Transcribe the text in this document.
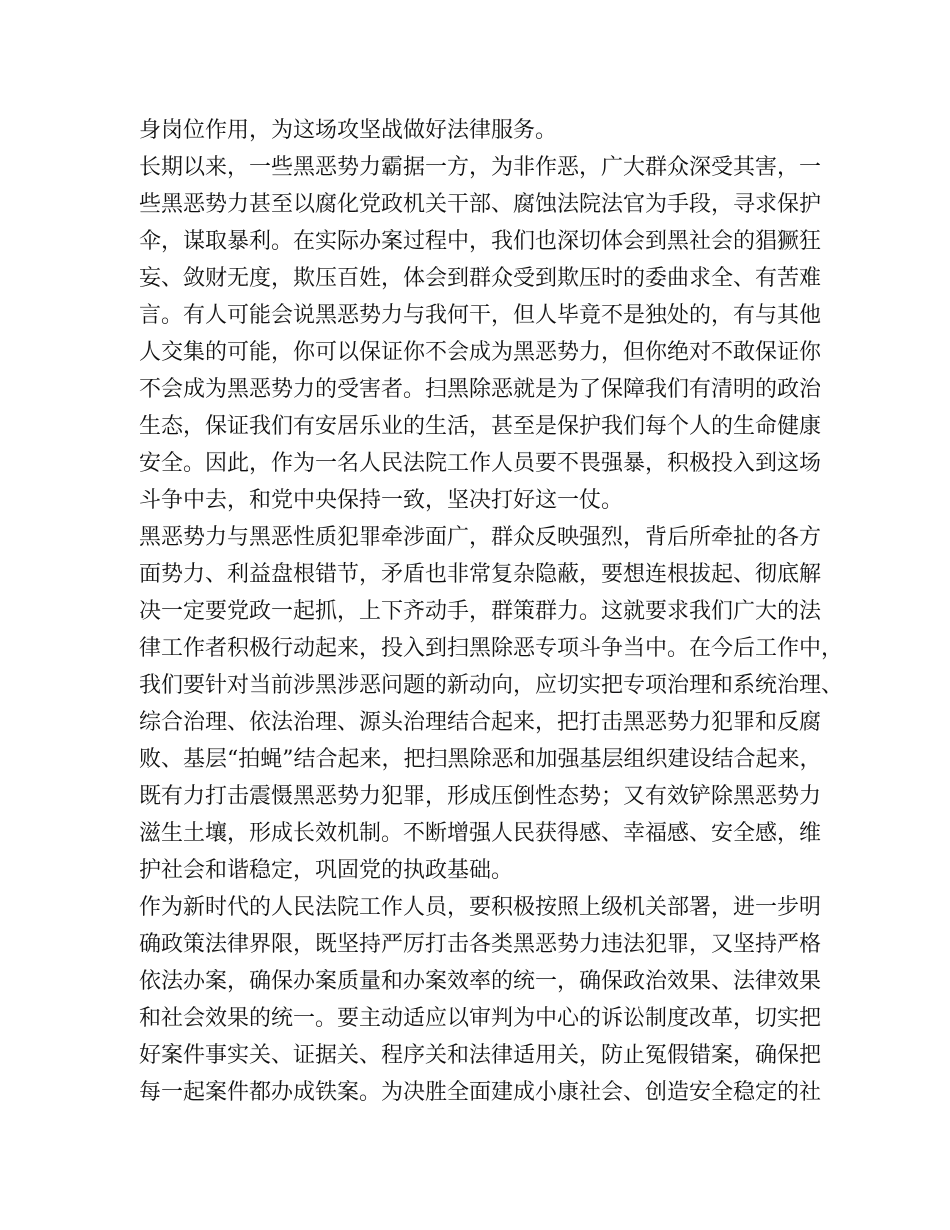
身岗位作用，为这场攻坚战做好法律服务。
长期以来，一些黑恶势力霸据一方，为非作恶，广大群众深受其害，一
些黑恶势力甚至以腐化党政机关干部、腐蚀法院法官为手段，寻求保护
伞，谋取暴利。在实际办案过程中，我们也深切体会到黑社会的猖獗狂
妄、敛财无度，欺压百姓，体会到群众受到欺压时的委曲求全、有苦难
言。有人可能会说黑恶势力与我何干，但人毕竟不是独处的，有与其他
人交集的可能，你可以保证你不会成为黑恶势力，但你绝对不敢保证你
不会成为黑恶势力的受害者。扫黑除恶就是为了保障我们有清明的政治
生态，保证我们有安居乐业的生活，甚至是保护我们每个人的生命健康
安全。因此，作为一名人民法院工作人员要不畏强暴，积极投入到这场
斗争中去，和党中央保持一致，坚决打好这一仗。
黑恶势力与黑恶性质犯罪牵涉面广，群众反映强烈，背后所牵扯的各方
面势力、利益盘根错节，矛盾也非常复杂隐蔽，要想连根拔起、彻底解
决一定要党政一起抓，上下齐动手，群策群力。这就要求我们广大的法
律工作者积极行动起来，投入到扫黑除恶专项斗争当中。在今后工作中，
我们要针对当前涉黑涉恶问题的新动向，应切实把专项治理和系统治理、
综合治理、依法治理、源头治理结合起来，把打击黑恶势力犯罪和反腐
败、基层“拍蝇”结合起来，把扫黑除恶和加强基层组织建设结合起来，
既有力打击震慑黑恶势力犯罪，形成压倒性态势；又有效铲除黑恶势力
滋生土壤，形成长效机制。不断增强人民获得感、幸福感、安全感，维
护社会和谐稳定，巩固党的执政基础。
作为新时代的人民法院工作人员，要积极按照上级机关部署，进一步明
确政策法律界限，既坚持严厉打击各类黑恶势力违法犯罪，又坚持严格
依法办案，确保办案质量和办案效率的统一，确保政治效果、法律效果
和社会效果的统一。要主动适应以审判为中心的诉讼制度改革，切实把
好案件事实关、证据关、程序关和法律适用关，防止冤假错案，确保把
每一起案件都办成铁案。为决胜全面建成小康社会、创造安全稳定的社
